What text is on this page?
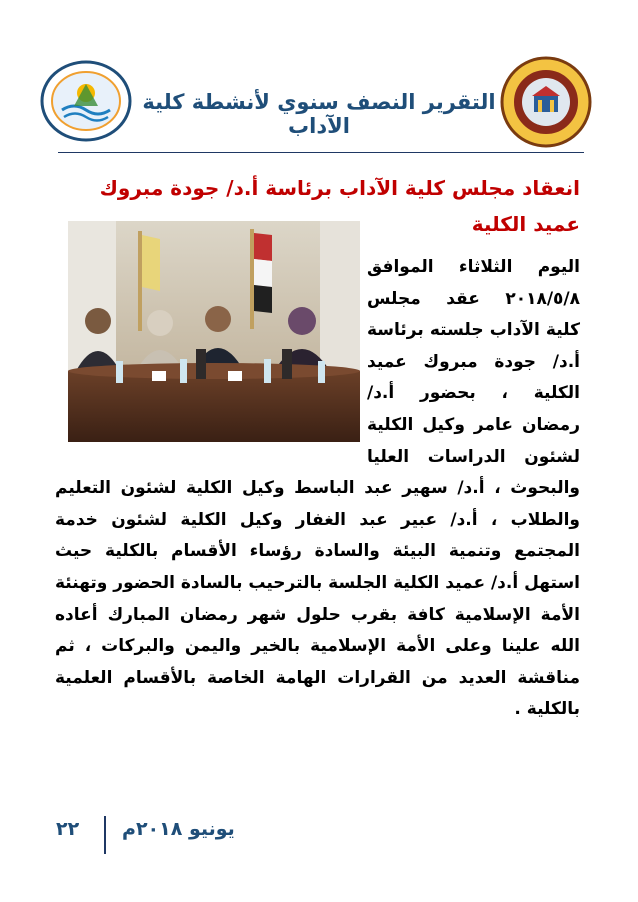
التقرير النصف سنوي لأنشطة كلية الآداب
انعقاد مجلس كلية الآداب برئاسة أ.د/ جودة مبروك عميد الكلية
اليوم الثلاثاء الموافق ٢٠١٨/٥/٨ عقد مجلس كلية الآداب جلسته برئاسة أ.د/ جودة مبروك عميد الكلية ، بحضور أ.د/ رمضان عامر وكيل الكلية لشئون الدراسات العليا والبحوث ، أ.د/ سهير عبد الباسط وكيل الكلية لشئون التعليم والطلاب ، أ.د/ عبير عبد الغفار وكيل الكلية لشئون خدمة المجتمع وتنمية البيئة والسادة رؤساء الأقسام بالكلية حيث استهل أ.د/ عميد الكلية الجلسة بالترحيب بالسادة الحضور وتهنئة الأمة الإسلامية كافة بقرب حلول شهر رمضان المبارك أعاده الله علينا وعلى الأمة الإسلامية بالخير واليمن والبركات ، ثم مناقشة العديد من القرارات الهامة الخاصة بالأقسام العلمية بالكلية .
يونيو ٢٠١٨م
٢٢
